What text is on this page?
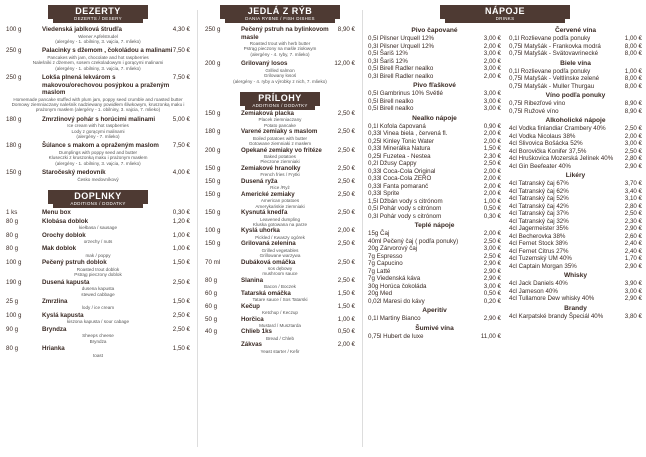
DEZERTY
DEZERTS / DESERY
100 g	Viedenská jablková štrudľa	4,30 €
Wiener Apfelstrudel
(alergény - 1. obilniny, 3. vajcia, 7. mlieko)
250 g	Palacinky s džemom , čokoládou a malinami 7,50 €
Pancakes with jam, chocolate and hot raspberries
Naleśniki z dżemem, sosem czekoladowym i gorącymi malinami
(alergény - 1. obilniny, 3. vajcia, 7. mlieko)
250 g	Lokša plnená lekvárom s makovou/orechovou posýpkou a praženým maslom
7,50 €
Homemade pancake stuffed with plum jam, poppy seed crumble and roasted butter
Domowy ziemniaczany naleśnik nadziewany powidłem śliwkowym, kruszonką maku i prażonym masłem (alergény - 1. obilniny, 3. vajcia, 7. mlieko)
180 g	Zmrzlinový pohár s horúcimi malinami	5,00 €
Ice cream with hot raspberries
Lody z gorącymi malinami
(alergény - 7. mlieko)
180 g	Šúlance s makom a opraženým maslom	7,50 €
Dumplings with poppy seed and butter
Kluseczki z kruszonką maku i prażonym masłem
(alergény - 1. obilniny, 3. vajcia, 7. mlieko)
150 g	Staročeský medovník	4,00 €
Česko medovníkový
DOPLNKY
ADDITIONS / DODATKY
1 ks	Menu box	0,30 €
80 g	Klobása doblok	1,20 €
kiełbasa / sausage
80 g	Orochy doblok	1,00 €
orzechy / nuts
80 g	Mak doblok	1,00 €
mak / poppy
100 g	Pečený pstruh doblok	1,50 €
Roasted trout doblok
Pstrąg pieczony doblok
190 g	Dusená kapusta	2,50 €
dusena kapusta
stewed cabbage
25 g	Zmrzlina	1,50 €
lody / ice cream
100 g	Kyslá kapusta	2,50 €
kiszona kapusta / sour cabage
90 g	Bryndza	2,50 €
Sheeps cheese
Bryndza
80 g	Hrianka	1,50 €
toast
JEDLÁ Z RÝB
DANIA RYBNE / FISH DISHES
250 g	Pečený pstruh na bylinkovom masle
8,90 €
Roasted trout with herb butter
Pstrąg pieczony na maśle ziołowym
(alergény - 4. ryby, 7. mlieko)
200 g	Grilovaný losos	12,00 €
Grilled salmon
Grilowany łosoś
(alergény - 4. ryby a výrobky z nich, 7. mlieko)
PRÍLOHY
ADDITIONS / DODATKY
150 g	Zemiaková placka	2,50 €
Placek ziemniaczany
Potato pancake
180 g	Varené zemiaky s maslom	2,50 €
Boiled potatoes with butter
Gotowane ziemniaki z masłem
200 g	Opekané zemiaky vo fritéze	2,50 €
Baked potatoes
Pieczone ziemniaki
150 g	Zemiakové hranolky	2,50 €
French fries / Frytki
150 g	Dusená ryža	2,50 €
Rice /Ryż
150 g	Americké zemiaky	2,50 €
American potatoes
Amerykańskie ziemniaki
150 g	Kysnutá knedľa	2,50 €
Leavened dumpling
Kluska gotowana na parze
100 g	Kyslá uhorka	2,00 €
Pickled / Kwaszy ogórek
150 g	Grilovaná zelenina	2,50 €
Grilled vegetables
Grillowane warzywa
70 ml	Dubáková omáčka	2,50 €
sos dębowy
mushroom sauce
80 g	Slanina	2,50 €
Bacon / Boczek
60 g	Tatarská omáčka	1,50 €
Tatare sauce / Sos Tatarski
60 g	Kečup	1,50 €
Ketchup / Keczup
50 g	Horčica	1,00 €
Mustard / Musztarda
40 g	Chlieb 1ks	0,50 €
Bread / Chleb
Zákvas	2,00 €
Yeast starter / Kefir
NÁPOJE
DRINKS
Pivo čapované
0,5l Pilsner Urquell 12%	3,00 €
0,3l Pilsner Urquell 12%	2,00 €
0,5l Šariš 12%	3,00 €
0,3l Šariš 12%	2,00 €
0,5l Birell Radler nealko	3,00 €
0,3l Birell Radler nealko	2,00 €
Pivo fľaškové
0,5l Gambrinus 10% Světlé	3,00 €
0,5l Birell nealko	3,00 €
0,5l Birell nealko	3,00 €
Nealko nápoje
0,1l Kofola čapovaná	0,90 €
0,33l Vinea biela , červená fl.	2,00 €
0,25l Kinley Tonic Water	2,00 €
0,33l Minerálka Natura	1,50 €
0,25l Fuzetea - Nestea	2,30 €
0,2l Džusy Cappy	2,50 €
0,33l Coca-Cola Original	2,00 €
0,33l Coca-Cola ZERO	2,00 €
0,33l Fanta pomaranč	2,00 €
0,33l Sprite	2,00 €
1,5l Džbán vody s citrónom	1,00 €
0,5l Pohár vody s citrónom	0,50 €
0,3l Pohár vody s citrónom	0,30 €
Teplé nápoje
15g Čaj	2,00 €
40ml Pečený čaj ( podľa ponuky)	2,50 €
20g Zárvorový čaj	3,00 €
7g Espresso	2,50 €
7g Capucino	2,90 €
7g Latté	2,90 €
7g Viedenská káva	2,90 €
30g Horúca čokoláda	3,00 €
20g Med	0,50 €
0,02l Maresi do kávy	0,20 €
Aperitív
0,1l Martiny Bianco	2,90 €
Šumivé vína
0,75l Hubert de luxe	11,00 €
Červené vína
0,1l Rozlievane podľa ponuky	1,00 €
0,75l Matyšák - Frankovka modrá	8,00 €
0,75l Matyšák - Svätovavrinecké	8,00 €
Biele vína
0,1l Rozlievane podľa ponuky	1,00 €
0,75l Matyšák - Veltlínske zelené	8,00 €
0,75l Matyšák - Muller Thurgau	8,00 €
Víno podľa ponuky
0,75l Ribezľové víno	8,90 €
0,75l Ružové víno	8,90 €
Alkoholické nápoje
4cl Vodka finlandiar Crambery 40%	2,50 €
4cl Vodka Nicolaus 38%	2,00 €
4cl Slivovica Bošácka 52%	3,00 €
4cl Borovička Konifer 37,5%	2,50 €
4cl Hruškovica Mozerská Jelínek 40%	2,80 €
4cl Gin Beefeater 40%	2,90 €
Likéry
4cl Tatranský čaj 67%	3,70 €
4cl Tatranský čaj 62%	3,40 €
4cl Tatranský čaj 52%	3,10 €
4cl Tatranský čaj 42%	2,80 €
4cl Tatranský čaj 37%	2,50 €
4cl Tatranský čaj 32%	2,30 €
4cl Jagermeister 35%	2,90 €
4cl Becherovka 38%	2,60 €
4cl Fernet Stock 38%	2,40 €
4cl Fernet Citrus 27%	2,40 €
4cl Tuzemský UM 40%	1,70 €
4cl Captain Morgan 35%	2,90 €
Whisky
4cl Jack Daniels 40%	3,90 €
4cl Jameson 40%	3,00 €
4cl Tullamore Dew whisky 40%	2,90 €
Brandy
4cl Karpatské brandy Špeciál 40%	3,80 €
